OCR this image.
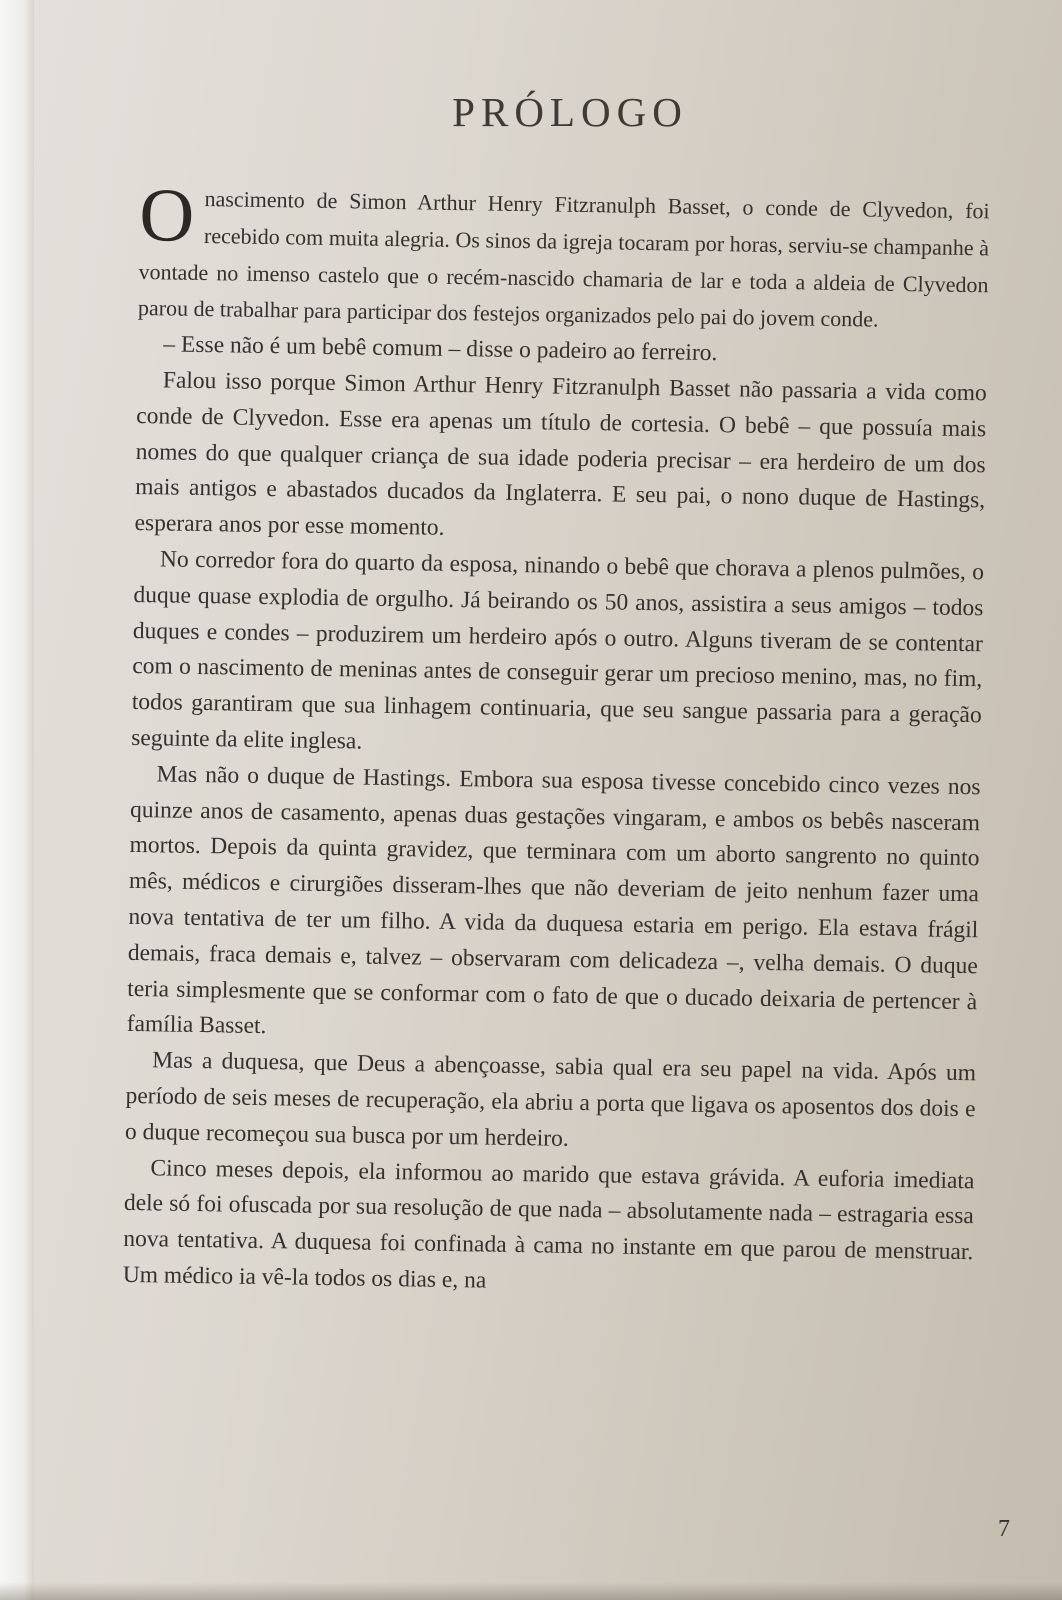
PRÓLOGO

O nascimento de Simon Arthur Henry Fitzranulph Basset, o conde de Clyvedon, foi recebido com muita alegria. Os sinos da igreja tocaram por horas, serviu-se champanhe à vontade no imenso castelo que o recém-nascido chamaria de lar e toda a aldeia de Clyvedon parou de trabalhar para participar dos festejos organizados pelo pai do jovem conde.

– Esse não é um bebê comum – disse o padeiro ao ferreiro.

Falou isso porque Simon Arthur Henry Fitzranulph Basset não passaria a vida como conde de Clyvedon. Esse era apenas um título de cortesia. O bebê – que possuía mais nomes do que qualquer criança de sua idade poderia precisar – era herdeiro de um dos mais antigos e abastados ducados da Inglaterra. E seu pai, o nono duque de Hastings, esperara anos por esse momento.

No corredor fora do quarto da esposa, ninando o bebê que chorava a plenos pulmões, o duque quase explodia de orgulho. Já beirando os 50 anos, assistira a seus amigos – todos duques e condes – produzirem um herdeiro após o outro. Alguns tiveram de se contentar com o nascimento de meninas antes de conseguir gerar um precioso menino, mas, no fim, todos garantiram que sua linhagem continuaria, que seu sangue passaria para a geração seguinte da elite inglesa.

Mas não o duque de Hastings. Embora sua esposa tivesse concebido cinco vezes nos quinze anos de casamento, apenas duas gestações vingaram, e ambos os bebês nasceram mortos. Depois da quinta gravidez, que terminara com um aborto sangrento no quinto mês, médicos e cirurgiões disseram-lhes que não deveriam de jeito nenhum fazer uma nova tentativa de ter um filho. A vida da duquesa estaria em perigo. Ela estava frágil demais, fraca demais e, talvez – observaram com delicadeza –, velha demais. O duque teria simplesmente que se conformar com o fato de que o ducado deixaria de pertencer à família Basset.

Mas a duquesa, que Deus a abençoasse, sabia qual era seu papel na vida. Após um período de seis meses de recuperação, ela abriu a porta que ligava os aposentos dos dois e o duque recomeçou sua busca por um herdeiro.

Cinco meses depois, ela informou ao marido que estava grávida. A euforia imediata dele só foi ofuscada por sua resolução de que nada – absolutamente nada – estragaria essa nova tentativa. A duquesa foi confinada à cama no instante em que parou de menstruar. Um médico ia vê-la todos os dias e, na

7
